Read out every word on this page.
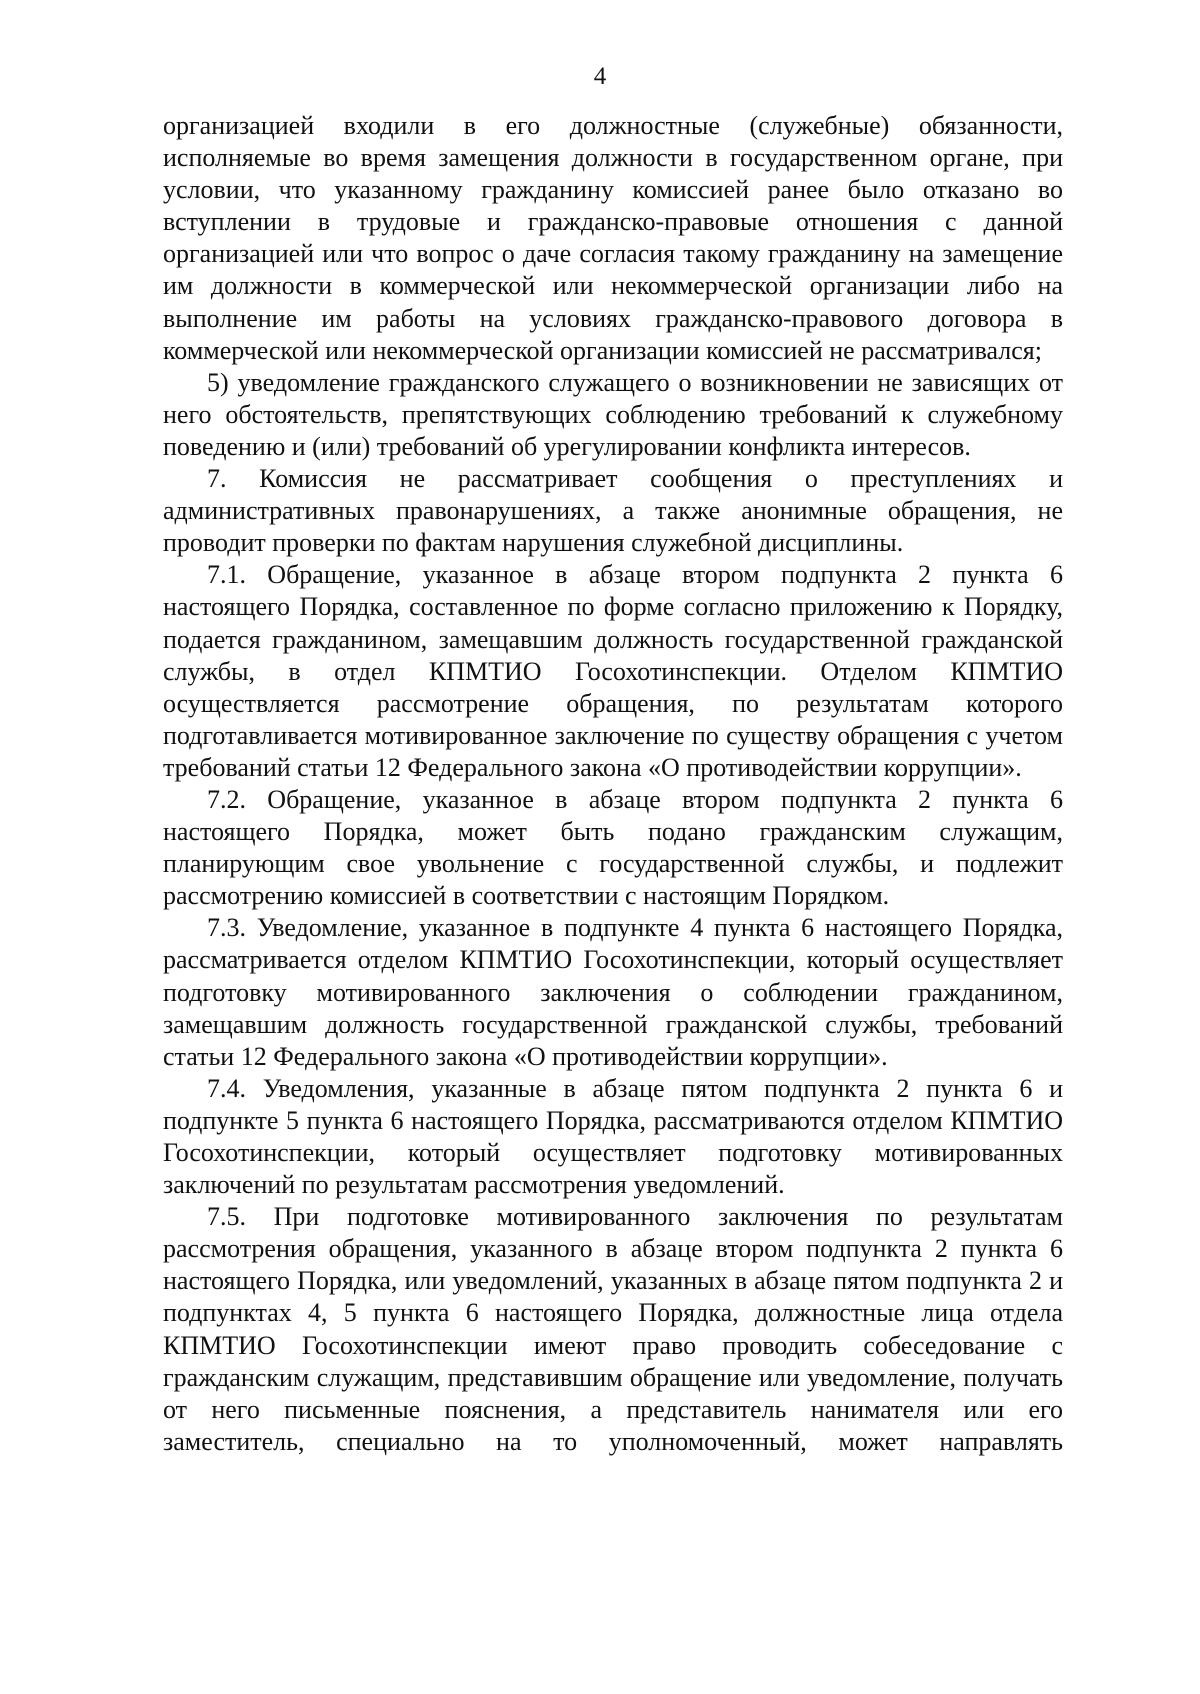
4

организацией входили в его должностные (служебные) обязанности, исполняемые во время замещения должности в государственном органе, при условии, что указанному гражданину комиссией ранее было отказано во вступлении в трудовые и гражданско-правовые отношения с данной организацией или что вопрос о даче согласия такому гражданину на замещение им должности в коммерческой или некоммерческой организации либо на выполнение им работы на условиях гражданско-правового договора в коммерческой или некоммерческой организации комиссией не рассматривался;

5) уведомление гражданского служащего о возникновении не зависящих от него обстоятельств, препятствующих соблюдению требований к служебному поведению и (или) требований об урегулировании конфликта интересов.

7. Комиссия не рассматривает сообщения о преступлениях и административных правонарушениях, а также анонимные обращения, не проводит проверки по фактам нарушения служебной дисциплины.

7.1. Обращение, указанное в абзаце втором подпункта 2 пункта 6 настоящего Порядка, составленное по форме согласно приложению к Порядку, подается гражданином, замещавшим должность государственной гражданской службы, в отдел КПМТИО Госохотинспекции. Отделом КПМТИО осуществляется рассмотрение обращения, по результатам которого подготавливается мотивированное заключение по существу обращения с учетом требований статьи 12 Федерального закона «О противодействии коррупции».

7.2. Обращение, указанное в абзаце втором подпункта 2 пункта 6 настоящего Порядка, может быть подано гражданским служащим, планирующим свое увольнение с государственной службы, и подлежит рассмотрению комиссией в соответствии с настоящим Порядком.

7.3. Уведомление, указанное в подпункте 4 пункта 6 настоящего Порядка, рассматривается отделом КПМТИО Госохотинспекции, который осуществляет подготовку мотивированного заключения о соблюдении гражданином, замещавшим должность государственной гражданской службы, требований статьи 12 Федерального закона «О противодействии коррупции».

7.4. Уведомления, указанные в абзаце пятом подпункта 2 пункта 6 и подпункте 5 пункта 6 настоящего Порядка, рассматриваются отделом КПМТИО Госохотинспекции, который осуществляет подготовку мотивированных заключений по результатам рассмотрения уведомлений.

7.5. При подготовке мотивированного заключения по результатам рассмотрения обращения, указанного в абзаце втором подпункта 2 пункта 6 настоящего Порядка, или уведомлений, указанных в абзаце пятом подпункта 2 и подпунктах 4, 5 пункта 6 настоящего Порядка, должностные лица отдела КПМТИО Госохотинспекции имеют право проводить собеседование с гражданским служащим, представившим обращение или уведомление, получать от него письменные пояснения, а представитель нанимателя или его заместитель, специально на то уполномоченный, может направлять
